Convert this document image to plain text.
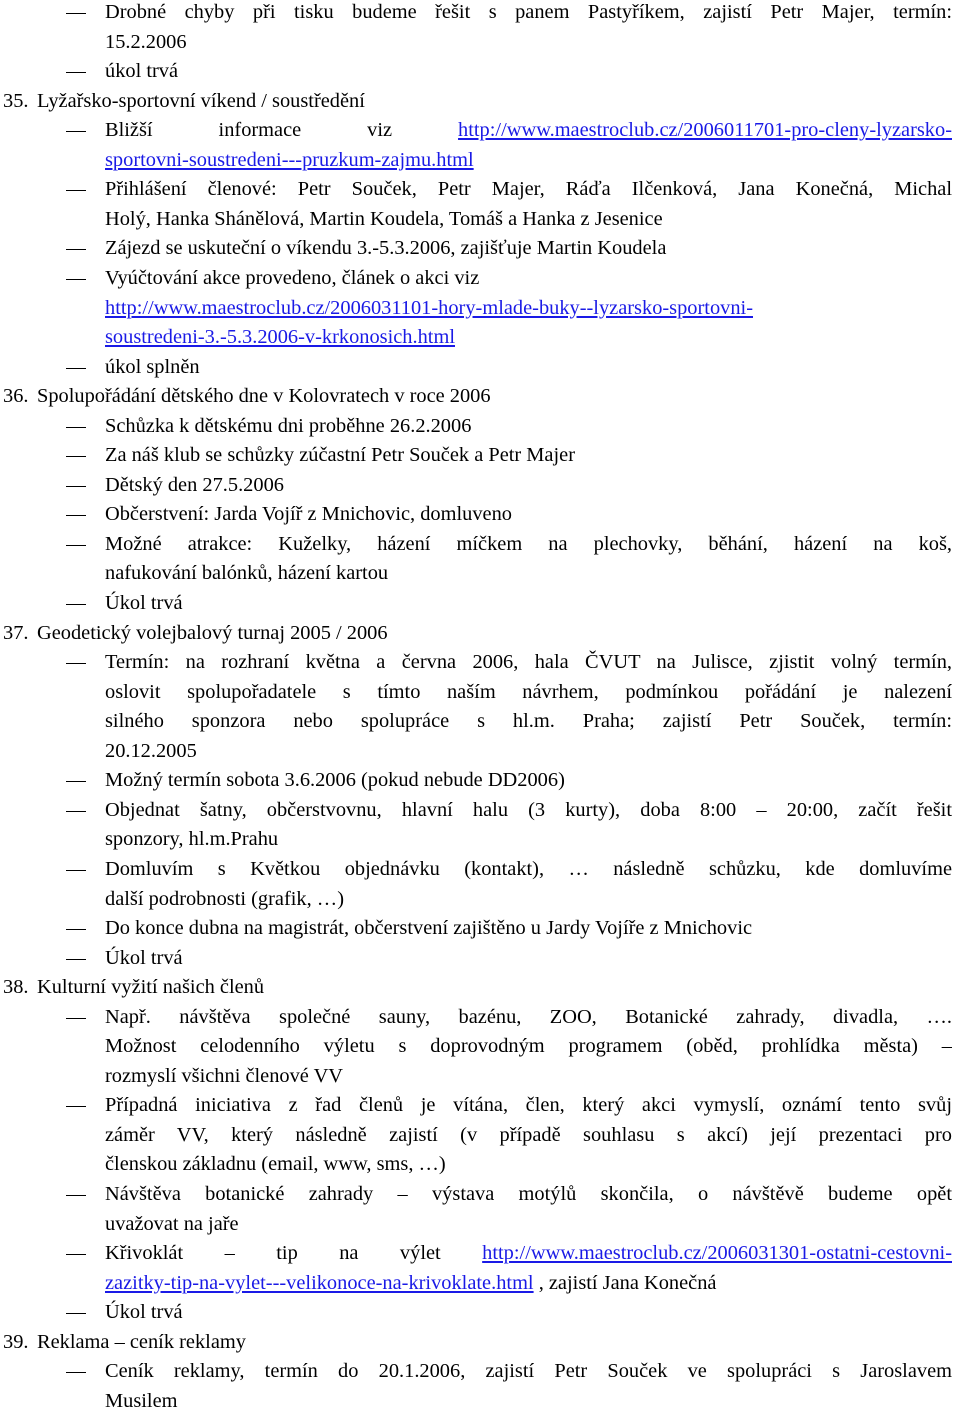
Drobné chyby při tisku budeme řešit s panem Pastyříkem, zajistí Petr Majer, termín:
15.2.2006
úkol trvá
35. Lyžařsko-sportovní víkend / soustředění
Bližší informace viz http://www.maestroclub.cz/2006011701-pro-cleny-lyzarsko-
sportovni-soustredeni---pruzkum-zajmu.html
Přihlášení členové: Petr Souček, Petr Majer, Ráďa Ilčenková, Jana Konečná, Michal
Holý, Hanka Shánělová, Martin Koudela, Tomáš a Hanka z Jesenice
Zájezd se uskuteční o víkendu 3.-5.3.2006, zajišťuje Martin Koudela
Vyúčtování akce provedeno, článek o akci viz
http://www.maestroclub.cz/2006031101-hory-mlade-buky--lyzarsko-sportovni-
soustredeni-3.-5.3.2006-v-krkonosich.html
úkol splněn
36. Spolupořádání dětského dne v Kolovratech v roce 2006
Schůzka k dětskému dni proběhne 26.2.2006
Za náš klub se schůzky zúčastní Petr Souček a Petr Majer
Dětský den 27.5.2006
Občerstvení: Jarda Vojíř z Mnichovic, domluveno
Možné atrakce: Kuželky, házení míčkem na plechovky, běhání, házení na koš,
nafukování balónků, házení kartou
Úkol trvá
37. Geodetický volejbalový turnaj 2005 / 2006
Termín: na rozhraní května a června 2006, hala ČVUT na Julisce, zjistit volný termín,
oslovit spolupořadatele s tímto naším návrhem, podmínkou pořádání je nalezení
silného sponzora nebo spolupráce s hl.m. Praha; zajistí Petr Souček, termín:
20.12.2005
Možný termín sobota 3.6.2006 (pokud nebude DD2006)
Objednat šatny, občerstvovnu, hlavní halu (3 kurty), doba 8:00 – 20:00, začít řešit
sponzory, hl.m.Prahu
Domluvím s Květkou objednávku (kontakt), … následně schůzku, kde domluvíme
další podrobnosti (grafik, …)
Do konce dubna na magistrát, občerstvení zajištěno u Jardy Vojíře z Mnichovic
Úkol trvá
38. Kulturní vyžití našich členů
Např. návštěva společné sauny, bazénu, ZOO, Botanické zahrady, divadla, ….
Možnost celodenního výletu s doprovodným programem (oběd, prohlídka města) –
rozmyslí všichni členové VV
Případná iniciativa z řad členů je vítána, člen, který akci vymyslí, oznámí tento svůj
záměr VV, který následně zajistí (v případě souhlasu s akcí) její prezentaci pro
členskou základnu (email, www, sms, …)
Návštěva botanické zahrady – výstava motýlů skončila, o návštěvě budeme opět
uvažovat na jaře
Křivoklát – tip na výlet http://www.maestroclub.cz/2006031301-ostatni-cestovni-
zazitky-tip-na-vylet---velikonoce-na-krivoklate.html , zajistí Jana Konečná
Úkol trvá
39. Reklama – ceník reklamy
Ceník reklamy, termín do 20.1.2006, zajistí Petr Souček ve spolupráci s Jaroslavem
Musilem
